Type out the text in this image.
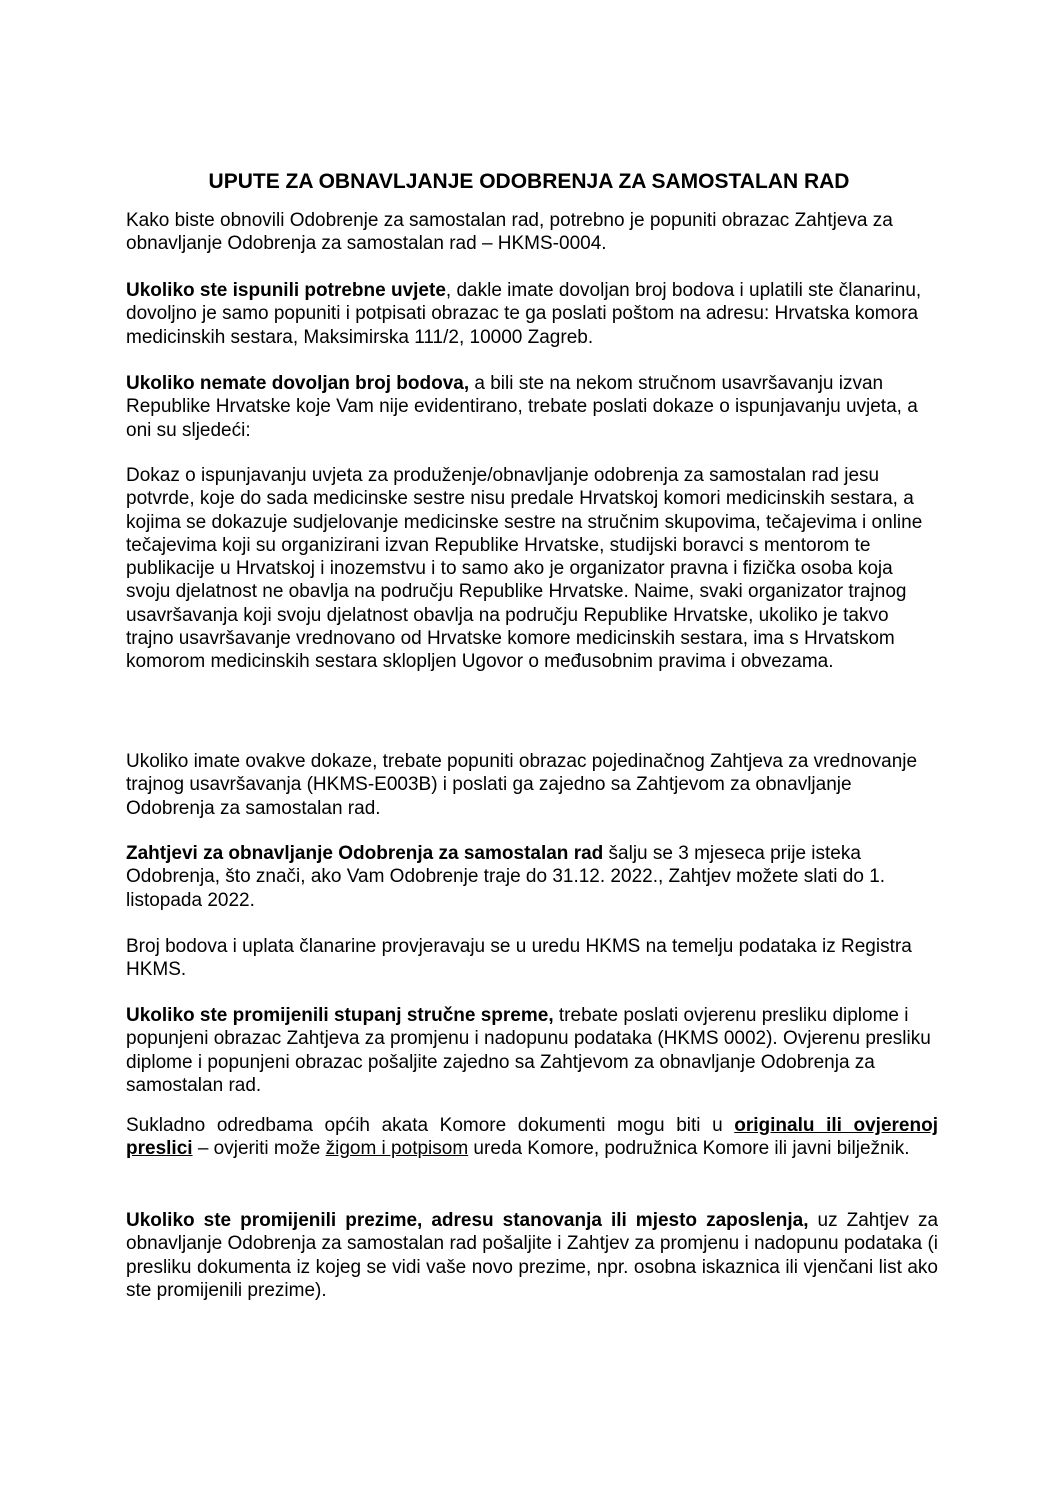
UPUTE ZA OBNAVLJANJE ODOBRENJA ZA SAMOSTALAN RAD

Kako biste obnovili Odobrenje za samostalan rad, potrebno je popuniti obrazac Zahtjeva za obnavljanje Odobrenja za samostalan rad – HKMS-0004.

Ukoliko ste ispunili potrebne uvjete, dakle imate dovoljan broj bodova i uplatili ste članarinu, dovoljno je samo popuniti i potpisati obrazac te ga poslati poštom na adresu: Hrvatska komora medicinskih sestara, Maksimirska 111/2, 10000 Zagreb.

Ukoliko nemate dovoljan broj bodova, a bili ste na nekom stručnom usavršavanju izvan Republike Hrvatske koje Vam nije evidentirano, trebate poslati dokaze o ispunjavanju uvjeta, a oni su sljedeći:

Dokaz o ispunjavanju uvjeta za produženje/obnavljanje odobrenja za samostalan rad jesu potvrde, koje do sada medicinske sestre nisu predale Hrvatskoj komori medicinskih sestara, a kojima se dokazuje sudjelovanje medicinske sestre na stručnim skupovima, tečajevima i online tečajevima koji su organizirani izvan Republike Hrvatske, studijski boravci s mentorom te publikacije u Hrvatskoj i inozemstvu i to samo ako je organizator pravna i fizička osoba koja svoju djelatnost ne obavlja na području Republike Hrvatske. Naime, svaki organizator trajnog usavršavanja koji svoju djelatnost obavlja na području Republike Hrvatske, ukoliko je takvo trajno usavršavanje vrednovano od Hrvatske komore medicinskih sestara, ima s Hrvatskom komorom medicinskih sestara sklopljen Ugovor o međusobnim pravima i obvezama.

Ukoliko imate ovakve dokaze, trebate popuniti obrazac pojedinačnog Zahtjeva za vrednovanje trajnog usavršavanja (HKMS-E003B) i poslati ga zajedno sa Zahtjevom za obnavljanje Odobrenja za samostalan rad.

Zahtjevi za obnavljanje Odobrenja za samostalan rad šalju se 3 mjeseca prije isteka Odobrenja, što znači, ako Vam Odobrenje traje do 31.12. 2022., Zahtjev možete slati do 1. listopada 2022.

Broj bodova i uplata članarine provjeravaju se u uredu HKMS na temelju podataka iz Registra HKMS.

Ukoliko ste promijenili stupanj stručne spreme, trebate poslati ovjerenu presliku diplome i popunjeni obrazac Zahtjeva za promjenu i nadopunu podataka (HKMS 0002). Ovjerenu presliku diplome i popunjeni obrazac pošaljite zajedno sa Zahtjevom za obnavljanje Odobrenja za samostalan rad.

Sukladno odredbama općih akata Komore dokumenti mogu biti u originalu ili ovjerenoj preslici – ovjeriti može žigom i potpisom ureda Komore, podružnica Komore ili javni bilježnik.

Ukoliko ste promijenili prezime, adresu stanovanja ili mjesto zaposlenja, uz Zahtjev za obnavljanje Odobrenja za samostalan rad pošaljite i Zahtjev za promjenu i nadopunu podataka (i presliku dokumenta iz kojeg se vidi vaše novo prezime, npr. osobna iskaznica ili vjenčani list ako ste promijenili prezime).
